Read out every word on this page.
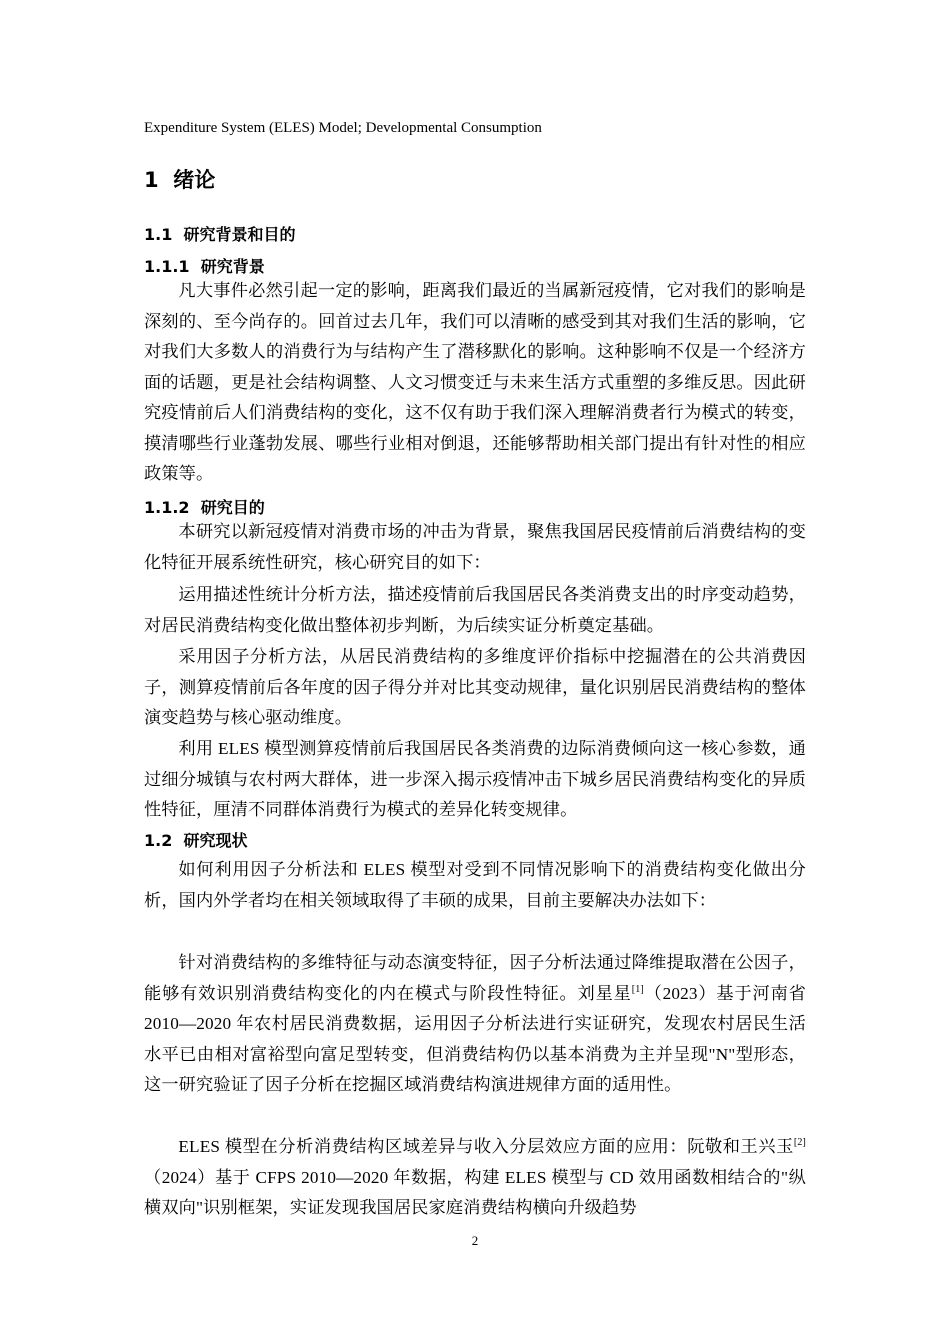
Expenditure System (ELES) Model; Developmental Consumption
1 绪论
1.1 研究背景和目的
1.1.1 研究背景

凡大事件必然引起一定的影响，距离我们最近的当属新冠疫情，它对我们的影响是深刻的、至今尚存的。回首过去几年，我们可以清晰的感受到其对我们生活的影响，它对我们大多数人的消费行为与结构产生了潜移默化的影响。这种影响不仅是一个经济方面的话题，更是社会结构调整、人文习惯变迁与未来生活方式重塑的多维反思。因此研究疫情前后人们消费结构的变化，这不仅有助于我们深入理解消费者行为模式的转变，摸清哪些行业蓬勃发展、哪些行业相对倒退，还能够帮助相关部门提出有针对性的相应政策等。

1.1.2 研究目的

本研究以新冠疫情对消费市场的冲击为背景，聚焦我国居民疫情前后消费结构的变化特征开展系统性研究，核心研究目的如下：

运用描述性统计分析方法，描述疫情前后我国居民各类消费支出的时序变动趋势，对居民消费结构变化做出整体初步判断，为后续实证分析奠定基础。

采用因子分析方法，从居民消费结构的多维度评价指标中挖掘潜在的公共消费因子，测算疫情前后各年度的因子得分并对比其变动规律，量化识别居民消费结构的整体演变趋势与核心驱动维度。

利用 ELES 模型测算疫情前后我国居民各类消费的边际消费倾向这一核心参数，通过细分城镇与农村两大群体，进一步深入揭示疫情冲击下城乡居民消费结构变化的异质性特征，厘清不同群体消费行为模式的差异化转变规律。

1.2 研究现状

如何利用因子分析法和 ELES 模型对受到不同情况影响下的消费结构变化做出分析，国内外学者均在相关领域取得了丰硕的成果，目前主要解决办法如下：

针对消费结构的多维特征与动态演变特征，因子分析法通过降维提取潜在公因子，能够有效识别消费结构变化的内在模式与阶段性特征。刘星星[1]（2023）基于河南省 2010—2020 年农村居民消费数据，运用因子分析法进行实证研究，发现农村居民生活水平已由相对富裕型向富足型转变，但消费结构仍以基本消费为主并呈现"N"型形态，这一研究验证了因子分析在挖掘区域消费结构演进规律方面的适用性。

ELES 模型在分析消费结构区域差异与收入分层效应方面的应用：阮敬和王兴玉[2]（2024）基于 CFPS 2010—2020 年数据，构建 ELES 模型与 CD 效用函数相结合的"纵横双向"识别框架，实证发现我国居民家庭消费结构横向升级趋势

2
